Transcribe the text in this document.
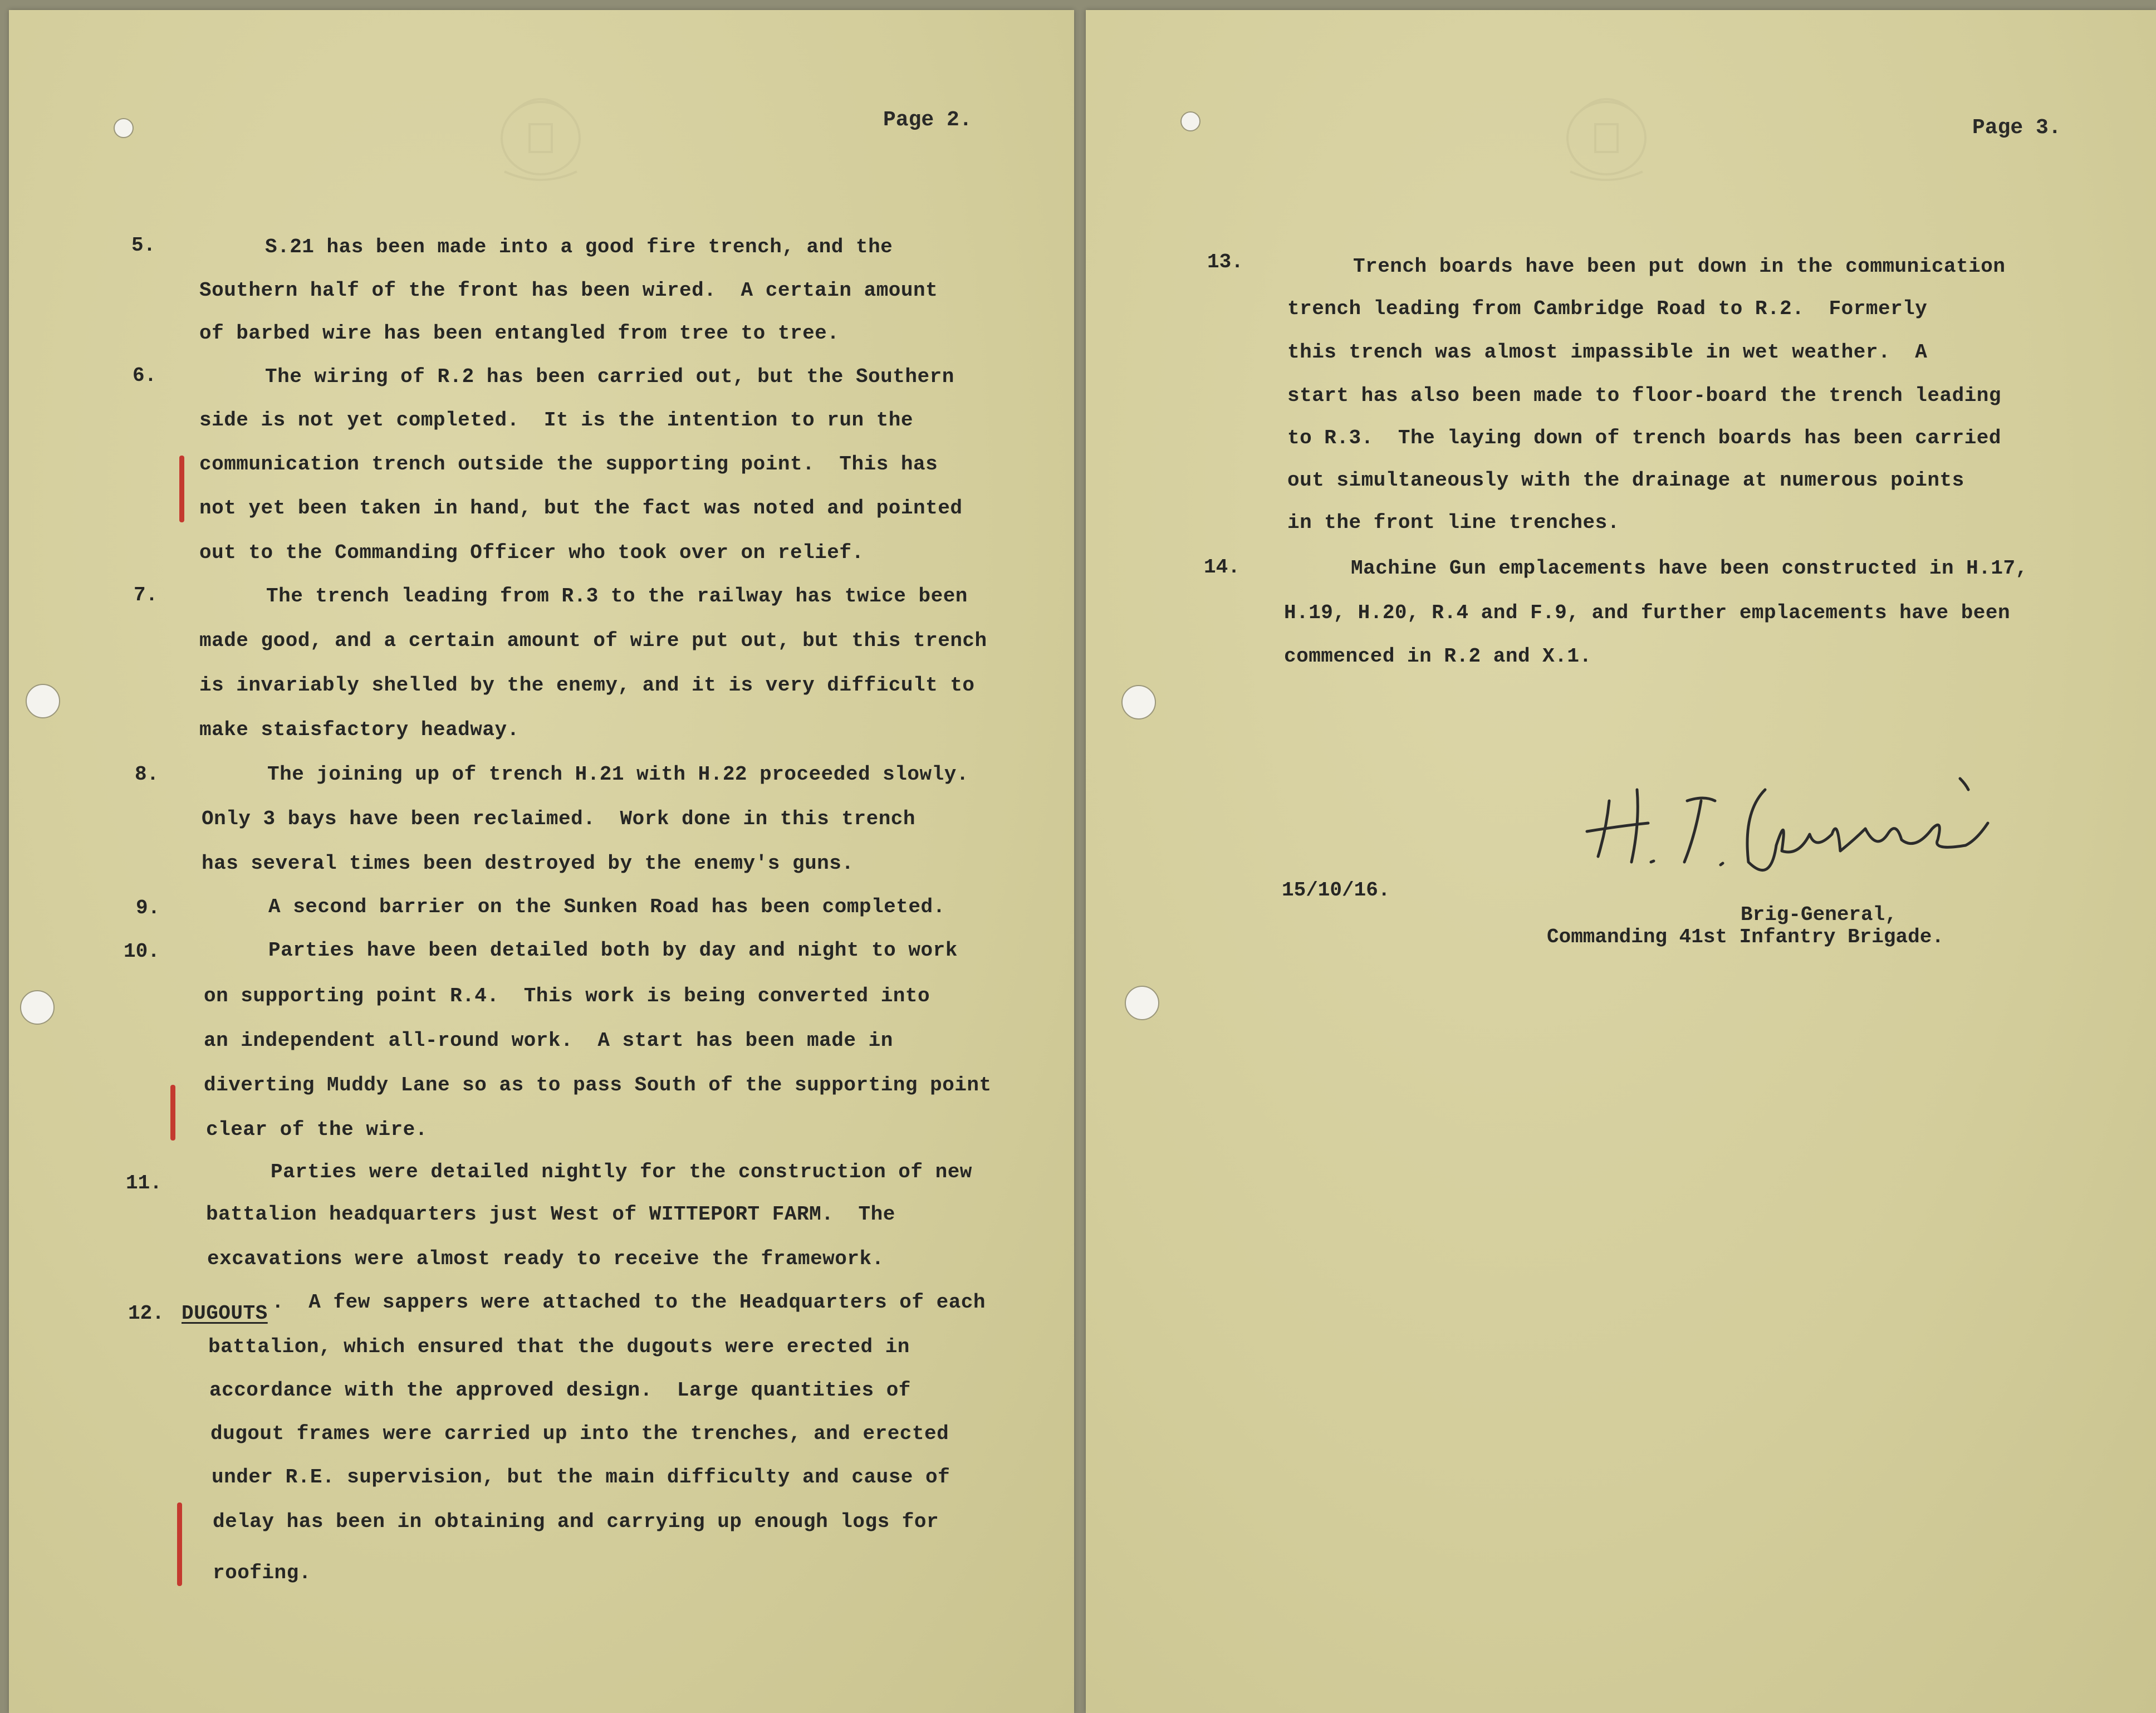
Page 2.
5.	S.21 has been made into a good fire trench, and the
Southern half of the front has been wired.  A certain amount
of barbed wire has been entangled from tree to tree.
6.	The wiring of R.2 has been carried out, but the Southern
side is not yet completed.  It is the intention to run the
communication trench outside the supporting point.  This has
not yet been taken in hand, but the fact was noted and pointed
out to the Commanding Officer who took over on relief.
7.	The trench leading from R.3 to the railway has twice been
made good, and a certain amount of wire put out, but this trench
is invariably shelled by the enemy, and it is very difficult to
make staisfactory headway.
8.	The joining up of trench H.21 with H.22 proceeded slowly.
Only 3 bays have been reclaimed.  Work done in this trench
has several times been destroyed by the enemy's guns.
9.	A second barrier on the Sunken Road has been completed.
10.	Parties have been detailed both by day and night to work
on supporting point R.4.  This work is being converted into
an independent all-round work.  A start has been made in
diverting Muddy Lane so as to pass South of the supporting point
clear of the wire.
11.	Parties were detailed nightly for the construction of new
battalion headquarters just West of WITTEPORT FARM.  The
excavations were almost ready to receive the framework.
12. DUGOUTS .  A few sappers were attached to the Headquarters of each
battalion, which ensured that the dugouts were erected in
accordance with the approved design.  Large quantities of
dugout frames were carried up into the trenches, and erected
under R.E. supervision, but the main difficulty and cause of
delay has been in obtaining and carrying up enough logs for
roofing.
Page 3.
13.	Trench boards have been put down in the communication
trench leading from Cambridge Road to R.2.  Formerly
this trench was almost impassible in wet weather.  A
start has also been made to floor-board the trench leading
to R.3.  The laying down of trench boards has been carried
out simultaneously with the drainage at numerous points
in the front line trenches.
14.	Machine Gun emplacements have been constructed in H.17,
H.19, H.20, R.4 and F.9, and further emplacements have been
commenced in R.2 and X.1.
15/10/16.
Brig-General,
Commanding 41st Infantry Brigade.
